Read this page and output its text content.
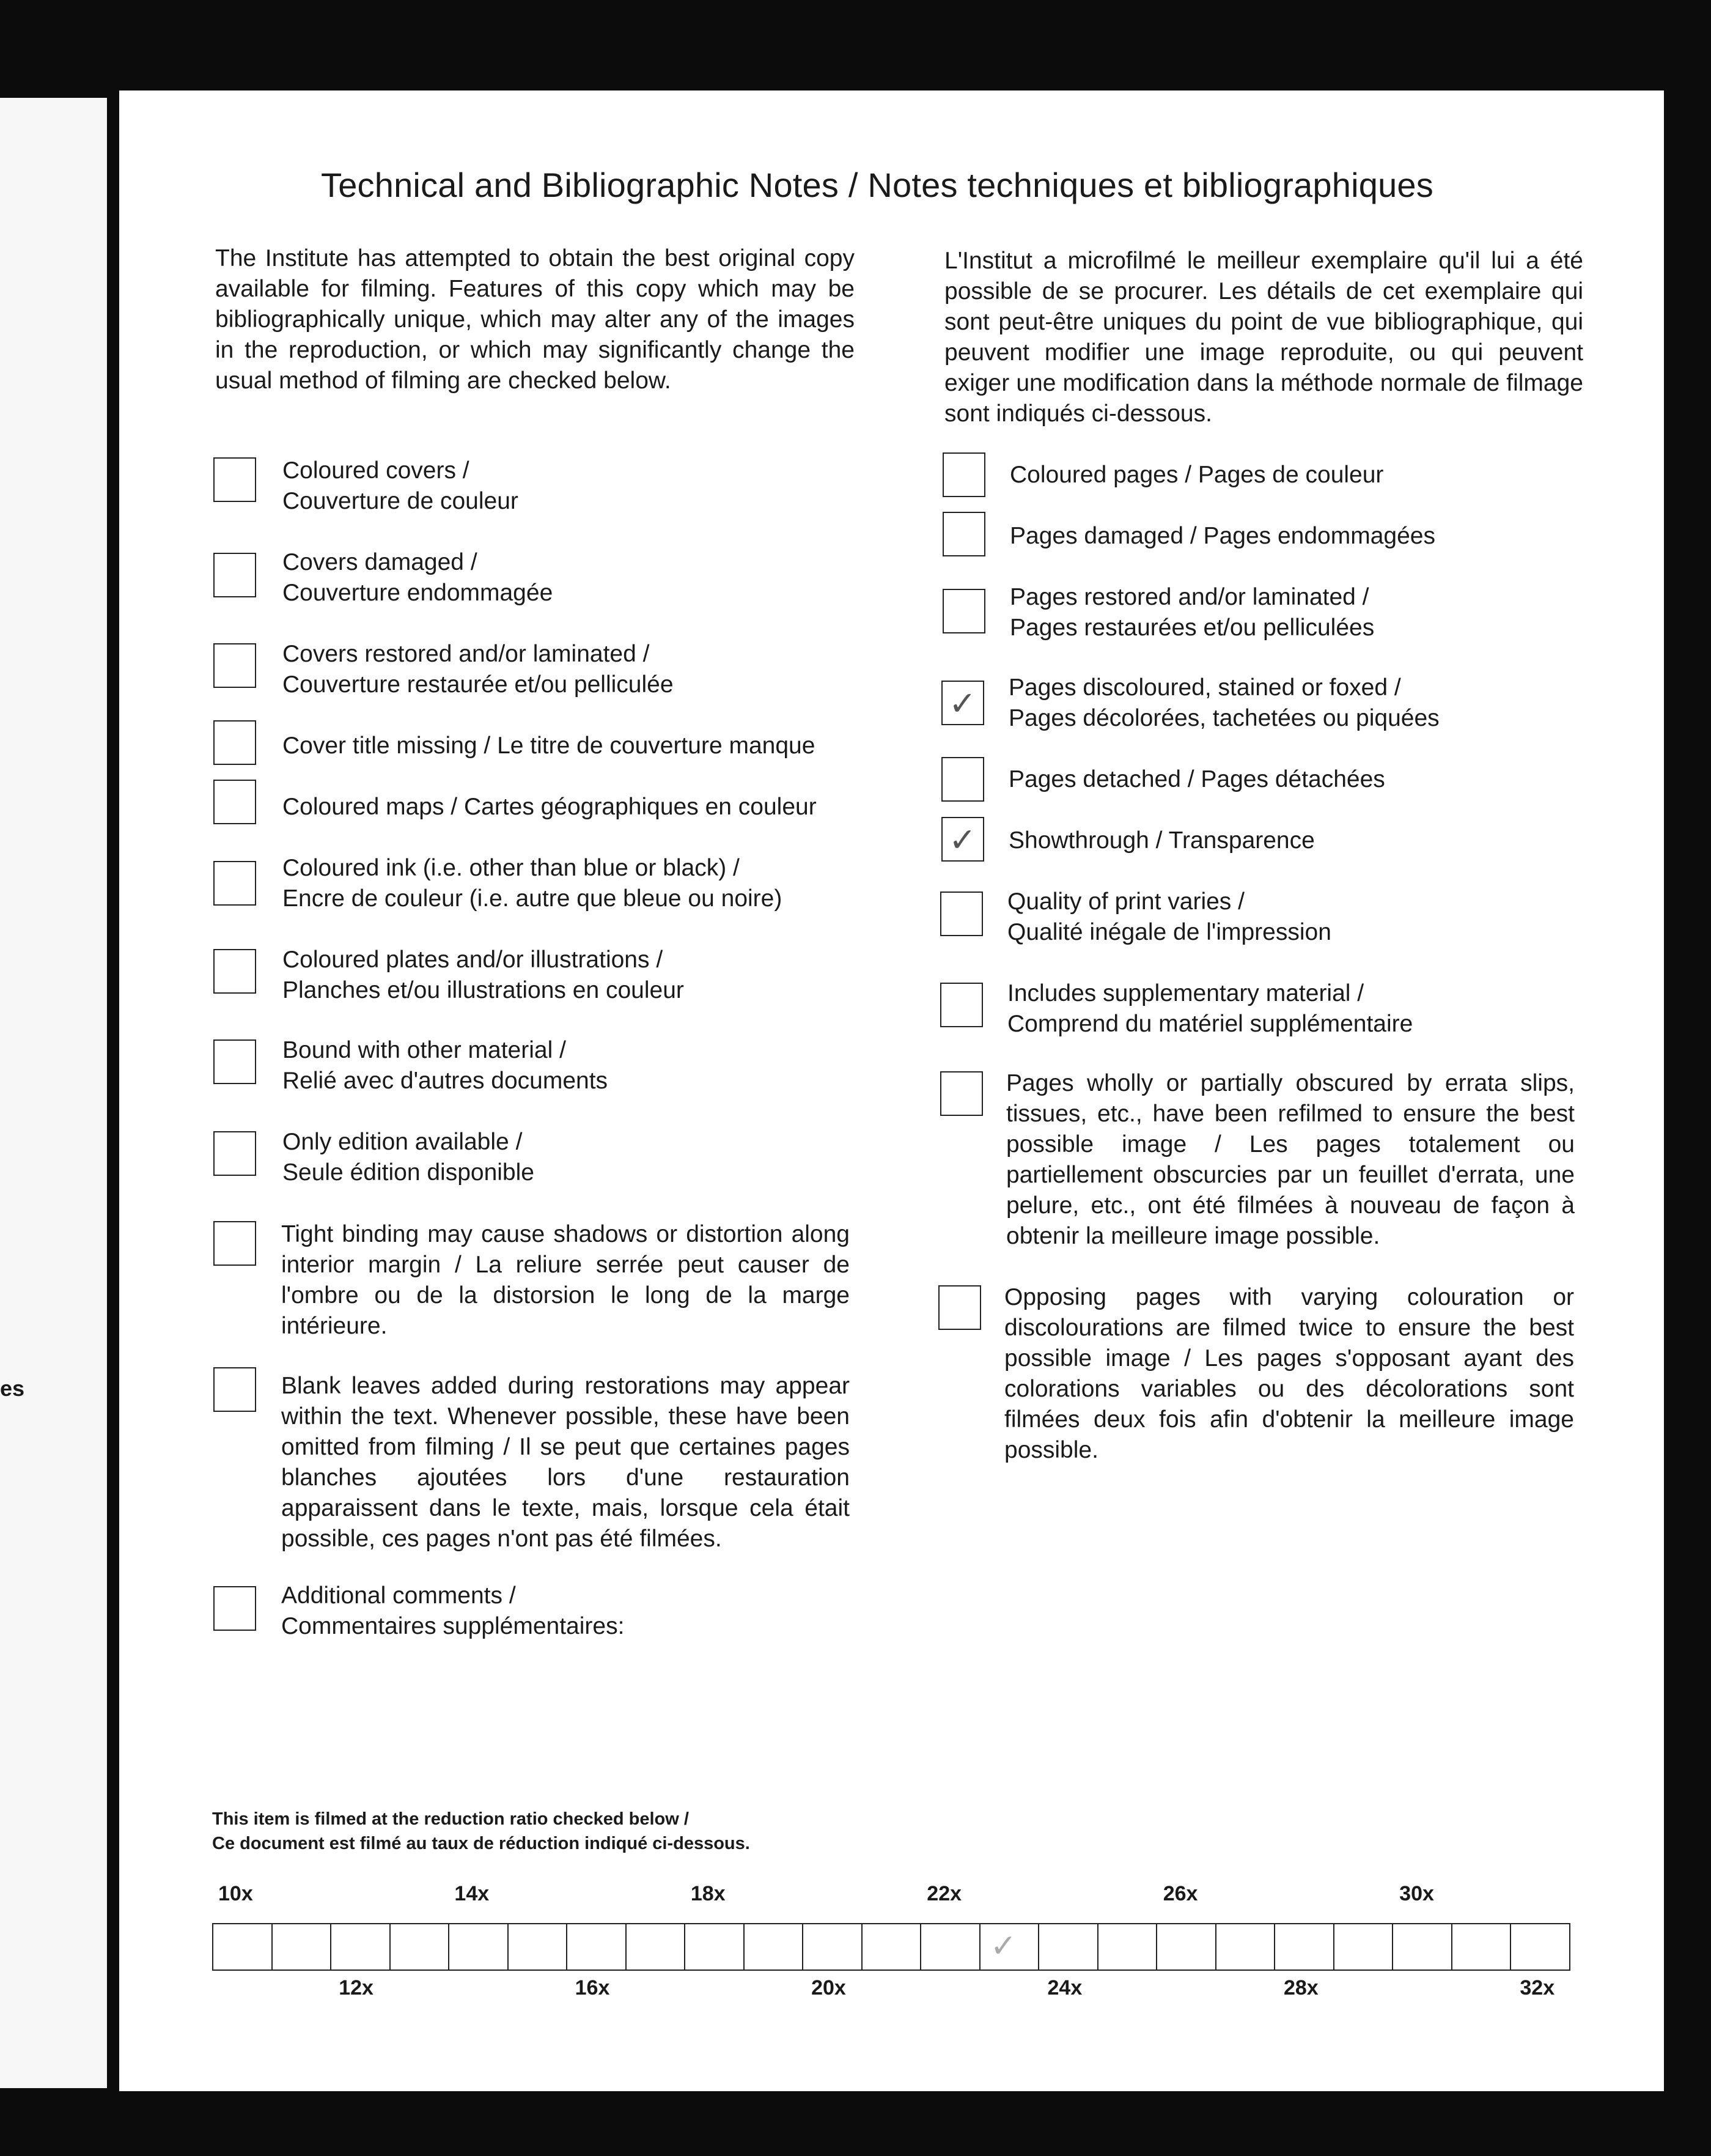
es
Technical and Bibliographic Notes / Notes techniques et bibliographiques
The Institute has attempted to obtain the best original copy available for filming. Features of this copy which may be bibliographically unique, which may alter any of the images in the reproduction, or which may significantly change the usual method of filming are checked below.
L'Institut a microfilmé le meilleur exemplaire qu'il lui a été possible de se procurer. Les détails de cet exemplaire qui sont peut-être uniques du point de vue bibliographique, qui peuvent modifier une image reproduite, ou qui peuvent exiger une modification dans la méthode normale de filmage sont indiqués ci-dessous.
Coloured covers /
Couverture de couleur
Covers damaged /
Couverture endommagée
Covers restored and/or laminated /
Couverture restaurée et/ou pelliculée
Cover title missing / Le titre de couverture manque
Coloured maps / Cartes géographiques en couleur
Coloured ink (i.e. other than blue or black) /
Encre de couleur (i.e. autre que bleue ou noire)
Coloured plates and/or illustrations /
Planches et/ou illustrations en couleur
Bound with other material /
Relié avec d'autres documents
Only edition available /
Seule édition disponible
Tight binding may cause shadows or distortion along interior margin / La reliure serrée peut causer de l'ombre ou de la distorsion le long de la marge intérieure.
Blank leaves added during restorations may appear within the text. Whenever possible, these have been omitted from filming / Il se peut que certaines pages blanches ajoutées lors d'une restauration apparaissent dans le texte, mais, lorsque cela était possible, ces pages n'ont pas été filmées.
Additional comments /
Commentaires supplémentaires:
Coloured pages / Pages de couleur
Pages damaged / Pages endommagées
Pages restored and/or laminated /
Pages restaurées et/ou pelliculées
✓ Pages discoloured, stained or foxed /
Pages décolorées, tachetées ou piquées
Pages detached / Pages détachées
✓ Showthrough / Transparence
Quality of print varies /
Qualité inégale de l'impression
Includes supplementary material /
Comprend du matériel supplémentaire
Pages wholly or partially obscured by errata slips, tissues, etc., have been refilmed to ensure the best possible image / Les pages totalement ou partiellement obscurcies par un feuillet d'errata, une pelure, etc., ont été filmées à nouveau de façon à obtenir la meilleure image possible.
Opposing pages with varying colouration or discolourations are filmed twice to ensure the best possible image / Les pages s'opposant ayant des colorations variables ou des décolorations sont filmées deux fois afin d'obtenir la meilleure image possible.
This item is filmed at the reduction ratio checked below /
Ce document est filmé au taux de réduction indiqué ci-dessous.
10x	14x	18x	22x	26x	30x
12x	16x	20x	24x	28x	32x
✓
